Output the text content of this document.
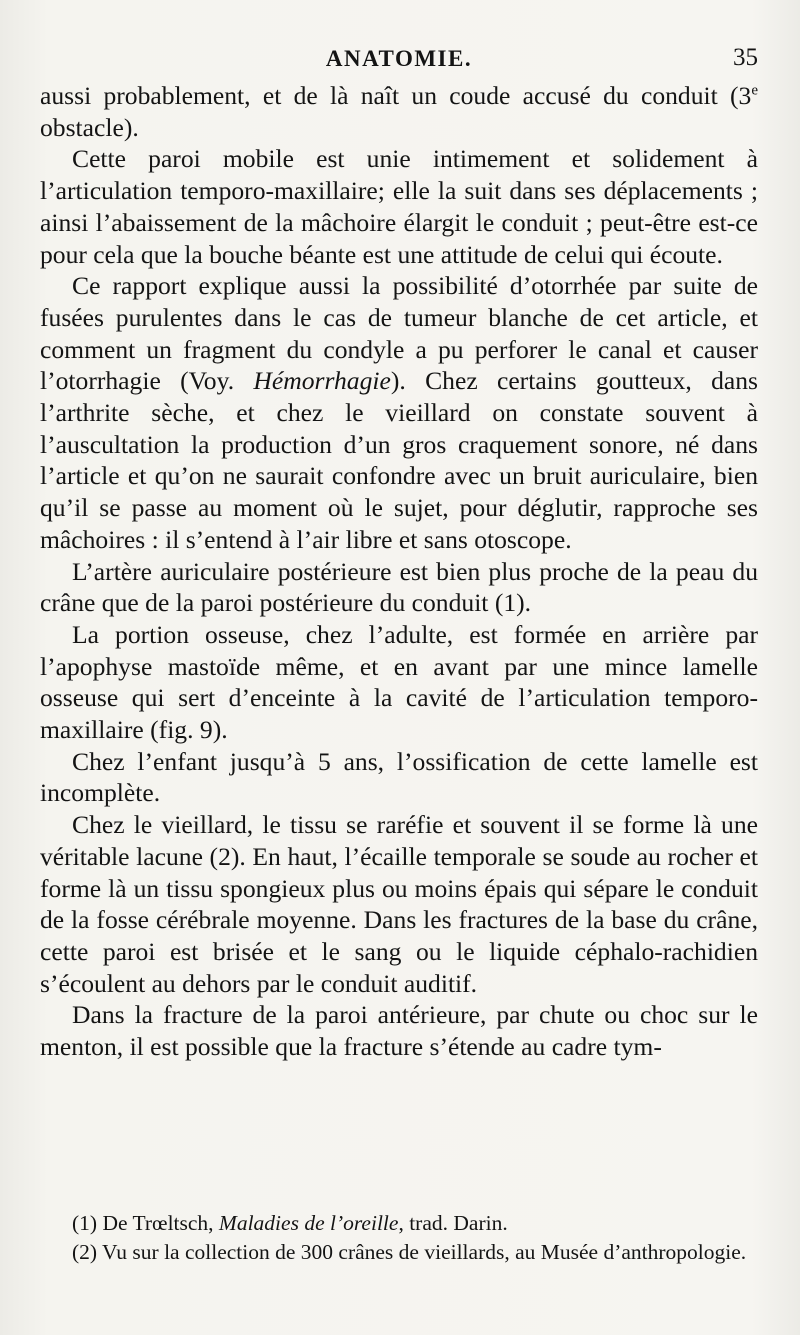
ANATOMIE.	35

aussi probablement, et de là naît un coude accusé du conduit (3e obstacle).

Cette paroi mobile est unie intimement et solidement à l’articulation temporo-maxillaire; elle la suit dans ses déplacements ; ainsi l’abaissement de la mâchoire élargit le conduit ; peut-être est-ce pour cela que la bouche béante est une attitude de celui qui écoute.

Ce rapport explique aussi la possibilité d’otorrhée par suite de fusées purulentes dans le cas de tumeur blanche de cet article, et comment un fragment du condyle a pu perforer le canal et causer l’otorrhagie (Voy. Hémorrhagie). Chez certains goutteux, dans l’arthrite sèche, et chez le vieillard on constate souvent à l’auscultation la production d’un gros craquement sonore, né dans l’article et qu’on ne saurait confondre avec un bruit auriculaire, bien qu’il se passe au moment où le sujet, pour déglutir, rapproche ses mâchoires : il s’entend à l’air libre et sans otoscope.

L’artère auriculaire postérieure est bien plus proche de la peau du crâne que de la paroi postérieure du conduit (1).

La portion osseuse, chez l’adulte, est formée en arrière par l’apophyse mastoïde même, et en avant par une mince lamelle osseuse qui sert d’enceinte à la cavité de l’articulation temporo-maxillaire (fig. 9).

Chez l’enfant jusqu’à 5 ans, l’ossification de cette lamelle est incomplète.

Chez le vieillard, le tissu se raréfie et souvent il se forme là une véritable lacune (2). En haut, l’écaille temporale se soude au rocher et forme là un tissu spongieux plus ou moins épais qui sépare le conduit de la fosse cérébrale moyenne. Dans les fractures de la base du crâne, cette paroi est brisée et le sang ou le liquide céphalo-rachidien s’écoulent au dehors par le conduit auditif.

Dans la fracture de la paroi antérieure, par chute ou choc sur le menton, il est possible que la fracture s’étende au cadre tym-

(1) De Trœltsch, Maladies de l’oreille, trad. Darin.

(2) Vu sur la collection de 300 crânes de vieillards, au Musée d’anthropologie.
